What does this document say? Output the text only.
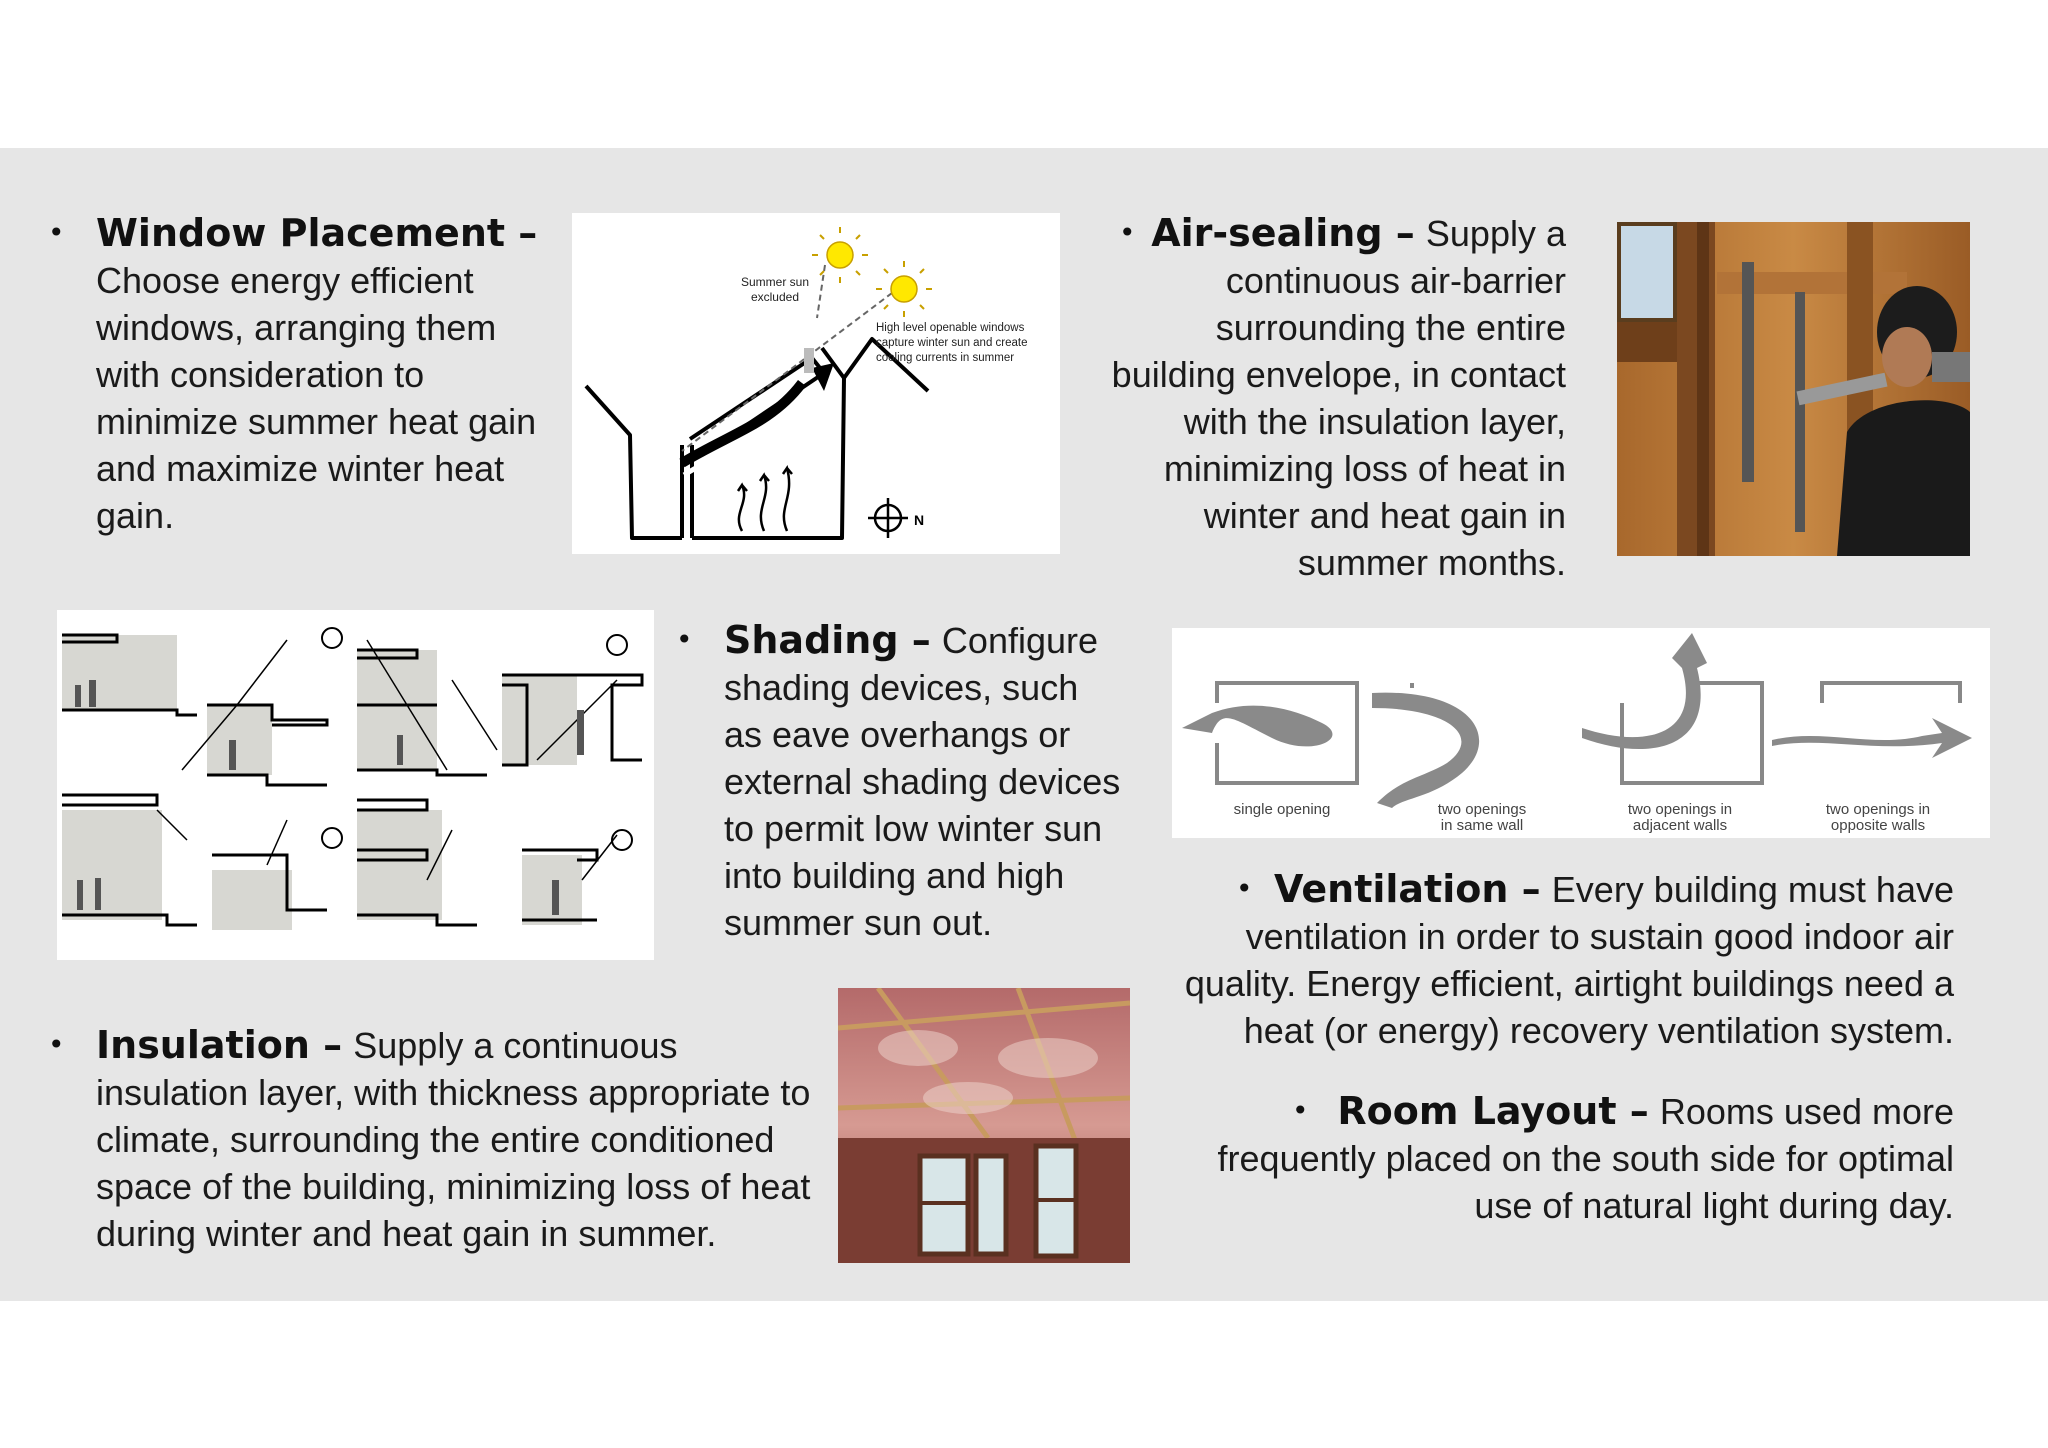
• Window Placement – Choose energy efficient windows, arranging them with consideration to minimize summer heat gain and maximize winter heat gain.
Summer sun
excluded
High level openable windows
capture winter sun and create
cooling currents in summer
N
• Air-sealing – Supply a continuous air-barrier surrounding the entire building envelope, in contact with the insulation layer, minimizing loss of heat in winter and heat gain in summer months.
• Shading – Configure shading devices, such as eave overhangs or external shading devices to permit low winter sun into building and high summer sun out.
single opening	two openings
in same wall
two openings in
adjacent walls
two openings in
opposite walls
• Ventilation – Every building must have ventilation in order to sustain good indoor air quality. Energy efficient, airtight buildings need a heat (or energy) recovery ventilation system.
• Room Layout – Rooms used more frequently placed on the south side for optimal use of natural light during day.
• Insulation – Supply a continuous insulation layer, with thickness appropriate to climate, surrounding the entire conditioned space of the building, minimizing loss of heat during winter and heat gain in summer.
